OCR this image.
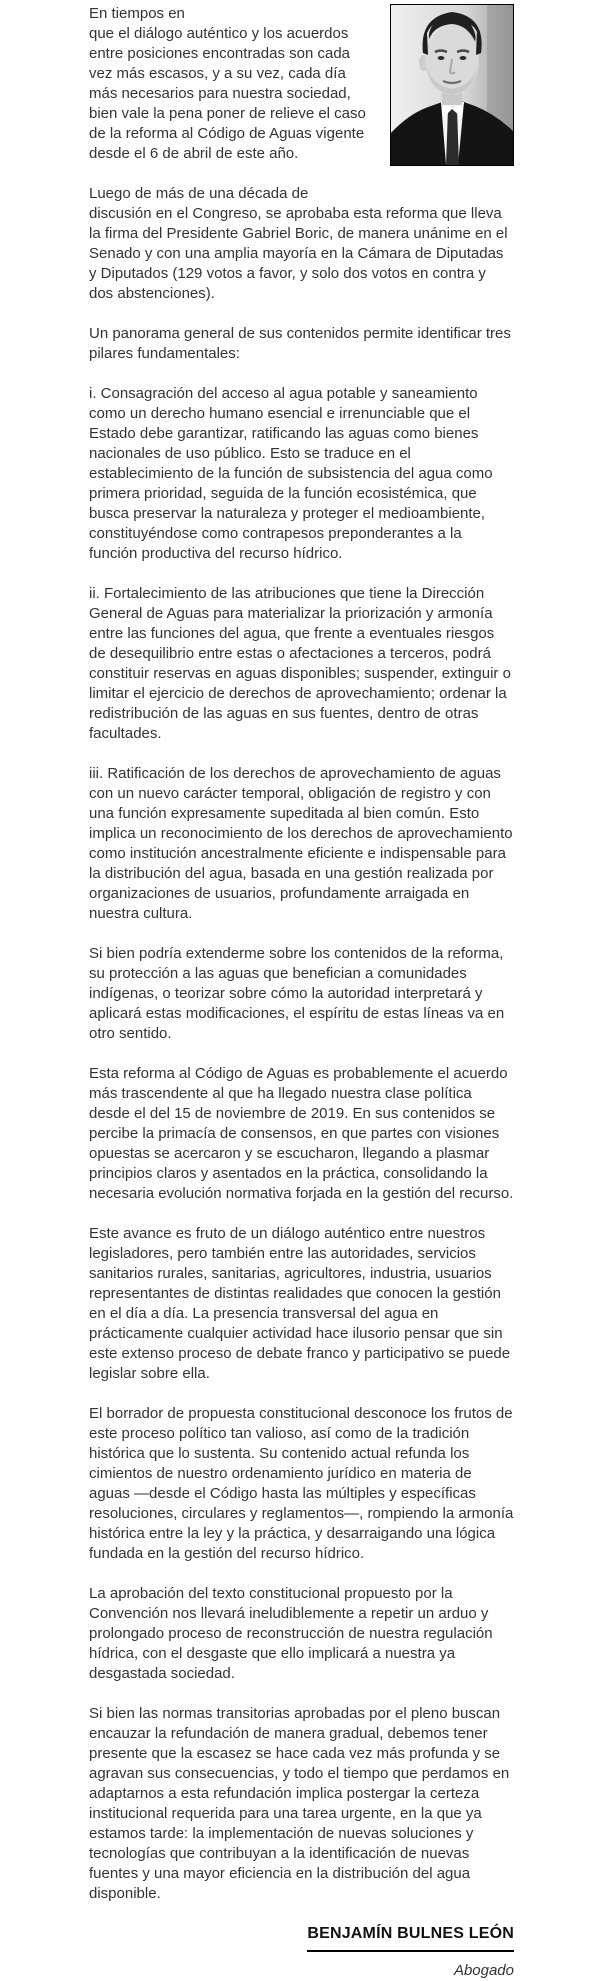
En tiempos en
que el diálogo auténtico y los acuerdos entre posiciones encontradas son cada vez más escasos, y a su vez, cada día más necesarios para nuestra sociedad, bien vale la pena poner de relieve el caso de la reforma al Código de Aguas vigente desde el 6 de abril de este año.

Luego de más de una década de
discusión en el Congreso, se aprobaba esta reforma que lleva la firma del Presidente Gabriel Boric, de manera unánime en el Senado y con una amplia mayoría en la Cámara de Diputadas y Diputados (129 votos a favor, y solo dos votos en contra y dos abstenciones).

Un panorama general de sus contenidos permite identificar tres pilares fundamentales:

i. Consagración del acceso al agua potable y saneamiento como un derecho humano esencial e irrenunciable que el Estado debe garantizar, ratificando las aguas como bienes nacionales de uso público. Esto se traduce en el establecimiento de la función de subsistencia del agua como primera prioridad, seguida de la función ecosistémica, que busca preservar la naturaleza y proteger el medioambiente, constituyéndose como contrapesos preponderantes a la función productiva del recurso hídrico.

ii. Fortalecimiento de las atribuciones que tiene la Dirección General de Aguas para materializar la priorización y armonía entre las funciones del agua, que frente a eventuales riesgos de desequilibrio entre estas o afectaciones a terceros, podrá constituir reservas en aguas disponibles; suspender, extinguir o limitar el ejercicio de derechos de aprovechamiento; ordenar la redistribución de las aguas en sus fuentes, dentro de otras facultades.

iii. Ratificación de los derechos de aprovechamiento de aguas con un nuevo carácter temporal, obligación de registro y con una función expresamente supeditada al bien común. Esto implica un reconocimiento de los derechos de aprovechamiento como institución ancestralmente eficiente e indispensable para la distribución del agua, basada en una gestión realizada por organizaciones de usuarios, profundamente arraigada en nuestra cultura.

Si bien podría extenderme sobre los contenidos de la reforma, su protección a las aguas que benefician a comunidades indígenas, o teorizar sobre cómo la autoridad interpretará y aplicará estas modificaciones, el espíritu de estas líneas va en otro sentido.

Esta reforma al Código de Aguas es probablemente el acuerdo más trascendente al que ha llegado nuestra clase política desde el del 15 de noviembre de 2019. En sus contenidos se percibe la primacía de consensos, en que partes con visiones opuestas se acercaron y se escucharon, llegando a plasmar principios claros y asentados en la práctica, consolidando la necesaria evolución normativa forjada en la gestión del recurso.

Este avance es fruto de un diálogo auténtico entre nuestros legisladores, pero también entre las autoridades, servicios sanitarios rurales, sanitarias, agricultores, industria, usuarios representantes de distintas realidades que conocen la gestión en el día a día. La presencia transversal del agua en prácticamente cualquier actividad hace ilusorio pensar que sin este extenso proceso de debate franco y participativo se puede legislar sobre ella.

El borrador de propuesta constitucional desconoce los frutos de este proceso político tan valioso, así como de la tradición histórica que lo sustenta. Su contenido actual refunda los cimientos de nuestro ordenamiento jurídico en materia de aguas —desde el Código hasta las múltiples y específicas resoluciones, circulares y reglamentos—, rompiendo la armonía histórica entre la ley y la práctica, y desarraigando una lógica fundada en la gestión del recurso hídrico.

La aprobación del texto constitucional propuesto por la Convención nos llevará ineludiblemente a repetir un arduo y prolongado proceso de reconstrucción de nuestra regulación hídrica, con el desgaste que ello implicará a nuestra ya desgastada sociedad.

Si bien las normas transitorias aprobadas por el pleno buscan encauzar la refundación de manera gradual, debemos tener presente que la escasez se hace cada vez más profunda y se agravan sus consecuencias, y todo el tiempo que perdamos en adaptarnos a esta refundación implica postergar la certeza institucional requerida para una tarea urgente, en la que ya estamos tarde: la implementación de nuevas soluciones y tecnologías que contribuyan a la identificación de nuevas fuentes y una mayor eficiencia en la distribución del agua disponible.

BENJAMÍN BULNES LEÓN
Abogado
